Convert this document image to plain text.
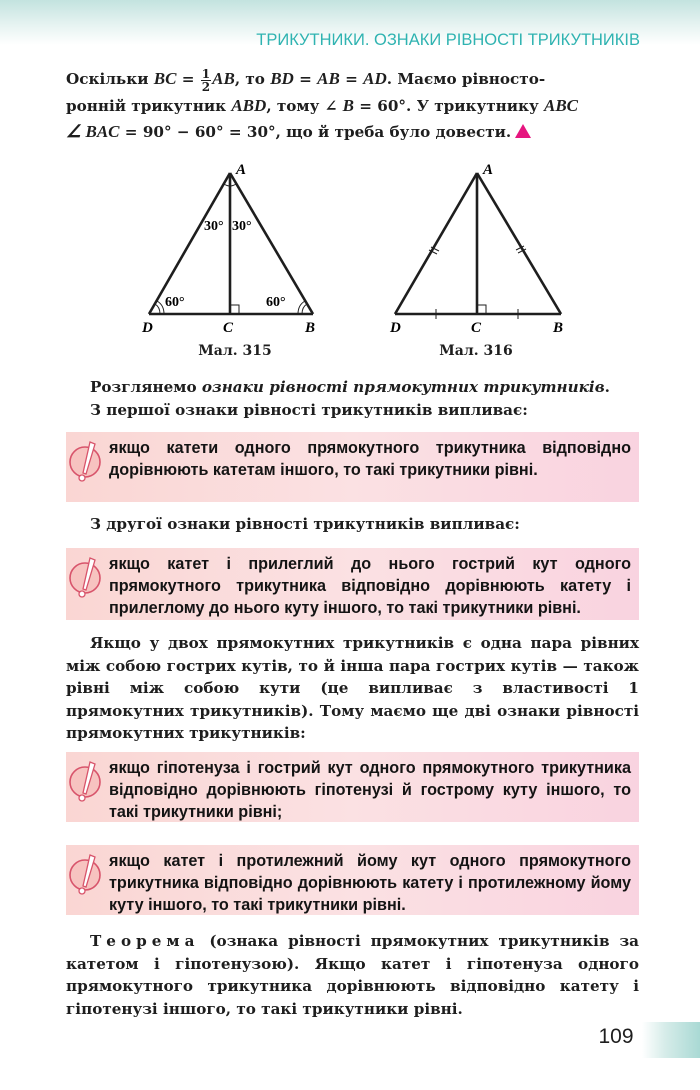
ТРИКУТНИКИ. ОЗНАКИ РІВНОСТІ ТРИКУТНИКІВ
Оскільки BC = $\frac{1}{2}$ AB, то BD = AB = AD. Маємо рівносто-
ронній трикутник ABD, тому ∠ B = 60°. У трикутнику ABC
∠ BAC = 90° − 60° = 30°, що й треба було довести.
A
D	C	B
30° 30°
60°	60°
Мал. 315
A
D	C	B
Мал. 316
Розглянемо ознаки рівності прямокутних трикутників.
З першої ознаки рівності трикутників випливає:
якщо катети одного прямокутного трикутника відповідно дорівнюють катетам іншого, то такі трикутники рівні.
З другої ознаки рівності трикутників випливає:
якщо катет і прилеглий до нього гострий кут одного прямокутного трикутника відповідно дорівнюють катету і прилеглому до нього куту іншого, то такі трикутники рівні.
Якщо у двох прямокутних трикутників є одна пара рівних між собою гострих кутів, то й інша пара гострих кутів — також рівні між собою кути (це випливає з властивості 1 прямокутних трикутників). Тому маємо ще дві ознаки рівності прямокутних трикутників:
якщо гіпотенуза і гострий кут одного прямокутного трикутника відповідно дорівнюють гіпотенузі й гострому куту іншого, то такі трикутники рівні;
якщо катет і протилежний йому кут одного прямокутного трикутника відповідно дорівнюють катету і протилежному йому куту іншого, то такі трикутники рівні.
Теорема (ознака рівності прямокутних трикутників за катетом і гіпотенузою). Якщо катет і гіпотенуза одного прямокутного трикутника дорівнюють відповідно катету і гіпотенузі іншого, то такі трикутники рівні.
109
